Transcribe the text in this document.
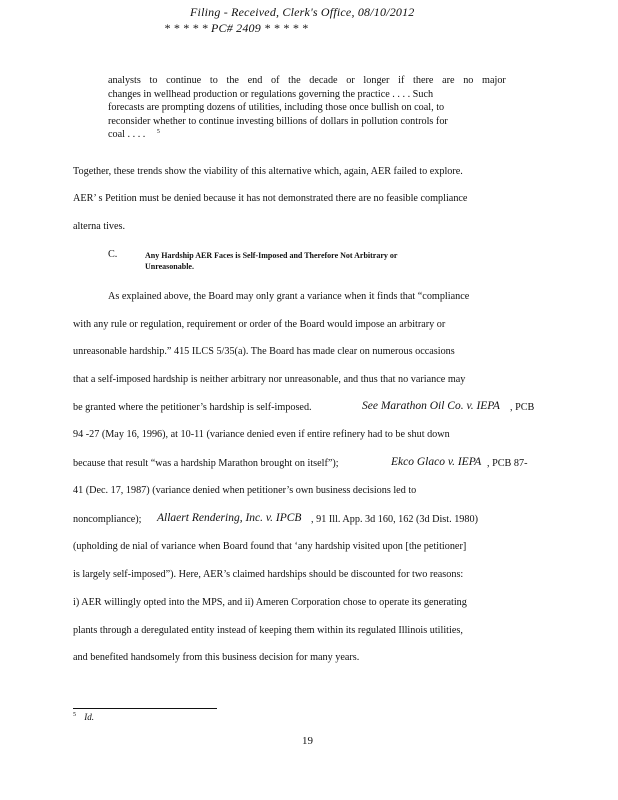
Filing - Received, Clerk's Office, 08/10/2012
* * * * * PC# 2409 * * * * *
analysts to continue to the end of the decade or longer if there are no major
changes in wellhead production or regulations governing the practice . . . . Such
forecasts are prompting dozens of utilities, including those once bullish on coal, to
reconsider whether to continue investing billions of dollars in pollution controls for
coal . . . . $^5$
Together, these trends show the viability of this alternative which, again, AER failed to explore.
AER’ s Petition must be denied because it has not demonstrated there are no feasible compliance
alterna tives.
C.	Any Hardship AER Faces is Self-Imposed and Therefore Not Arbitrary or
Unreasonable.
As explained above, the Board may only grant a variance when it finds that “compliance
with any rule or regulation, requirement or order of the Board would impose an arbitrary or
unreasonable hardship.” 415 ILCS 5/35(a). The Board has made clear on numerous occasions
that a self-imposed hardship is neither arbitrary nor unreasonable, and thus that no variance may
be granted where the petitioner’s hardship is self-imposed.	See Marathon Oil Co. v. IEPA , PCB
94 -27 (May 16, 1996), at 10-11 (variance denied even if entire refinery had to be shut down
because that result “was a hardship Marathon brought on itself”);	Ekco Glaco v. IEPA , PCB 87-
41 (Dec. 17, 1987) (variance denied when petitioner’s own business decisions led to
noncompliance); Allaert Rendering, Inc. v. IPCB , 91 Ill. App. 3d 160, 162 (3d Dist. 1980)
(upholding de nial of variance when Board found that ‘any hardship visited upon [the petitioner]
is largely self-imposed”). Here, AER’s claimed hardships should be discounted for two reasons:
i) AER willingly opted into the MPS, and ii) Ameren Corporation chose to operate its generating
plants through a deregulated entity instead of keeping them within its regulated Illinois utilities,
and benefited handsomely from this business decision for many years.
$^5$ Id.
19
